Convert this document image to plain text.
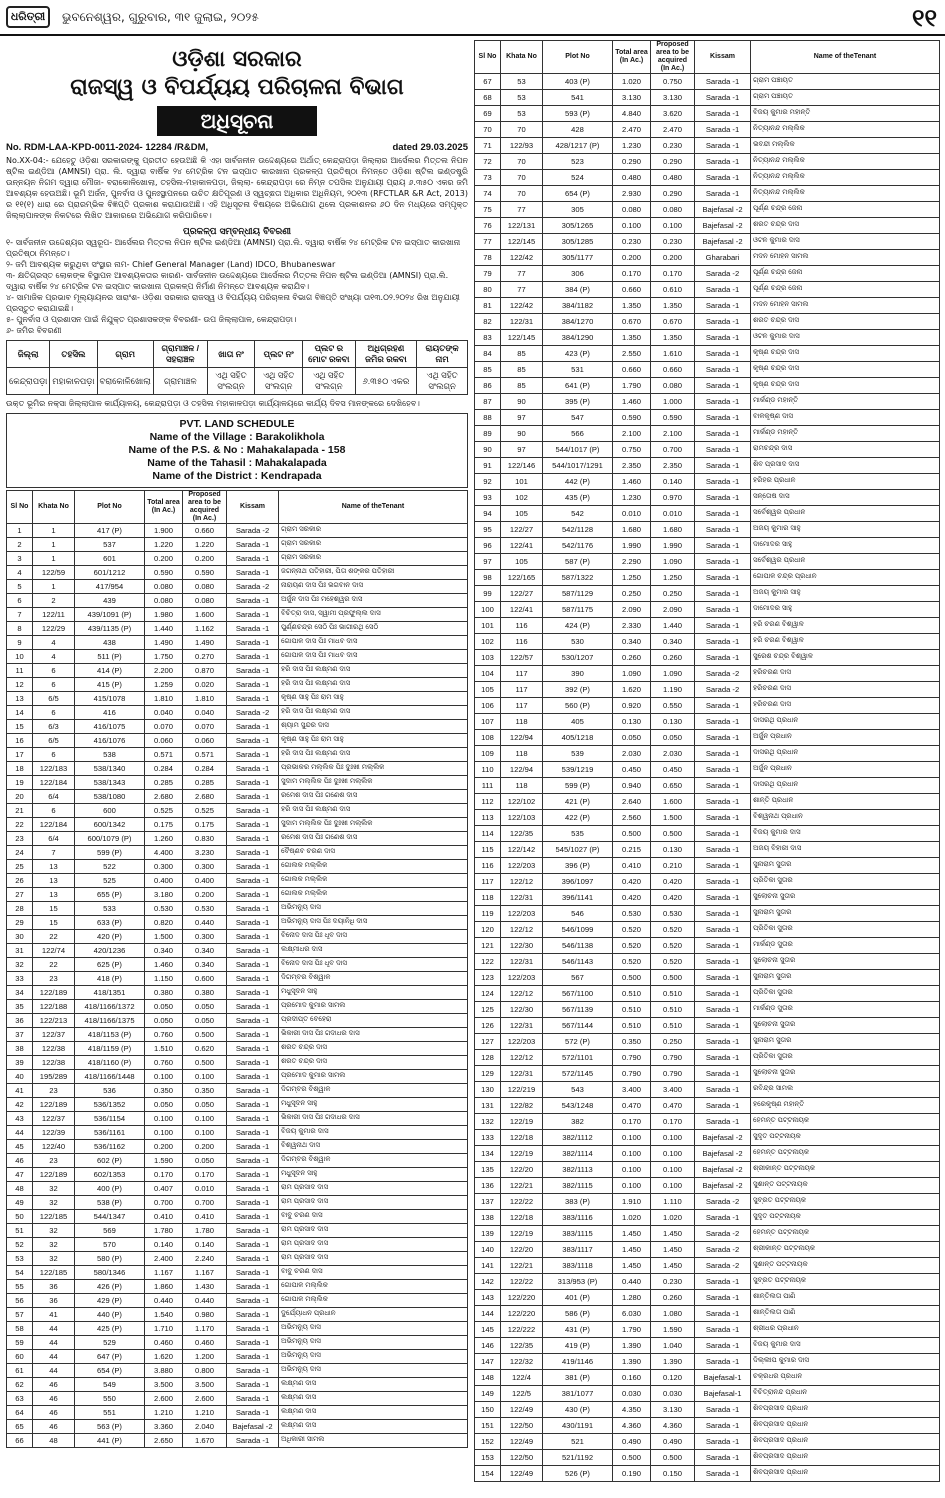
ଧରିତ୍ରୀ	ଭୁବନେଶ୍ୱର, ଗୁରୁବାର, ୩୧ ଜୁଲାଇ, ୨୦୨୫	୧୧
ଓଡ଼ିଶା ସରକାର
ରାଜସ୍ୱ ଓ ବିପର୍ଯ୍ୟୟ ପରିଚାଳନା ବିଭାଗ
ଅଧିସୂଚନା
No. RDM-LAA-KPD-0011-2024- 12284 /R&DM,	dated 29.03.2025
No.XX-04:- ଯେହେତୁ ଓଡ଼ିଶା ସରକାରଙ୍କୁ ପ୍ରତୀତ ହେଉଅଛି କି ଏହା ସାର୍ବଜନୀନ ଉଦ୍ଦେଶ୍ୟରେ ଅର୍ଥାତ୍ କେନ୍ଦ୍ରାପଡ଼ା ଜିଲ୍ଲାର ଆର୍ସେଲର ମିତ୍ତଲ ନିପନ ଷ୍ଟିଲ ଇଣ୍ଡିଆ (AMNSI) ପ୍ରା. ଲି. ଦ୍ୱାରା ବାର୍ଷିକ ୨୪ ମେଟ୍ରିକ ଟନ ଇସ୍ପାତ କାରଖାନା ପ୍ରକଳ୍ପ ପ୍ରତିଷ୍ଠା ନିମନ୍ତେ ଓଡ଼ିଶା ଷ୍ଟିଲ ଇଣ୍ଡଷ୍ଟ୍ରି ଉନ୍ନୟନ ନିଗମ ଦ୍ୱାରା ମୌଜା- ବରାକୋଳିଖୋଲା, ତହସିଲ-ମହାକାଳପଡ଼ା, ଜିଲ୍ଲା- କେନ୍ଦ୍ରାପଡ଼ା ରେ ନିମ୍ନ ତପସିଲ ଅନୁଯାୟୀ ପ୍ରାୟ ୬.୩୫୦ ଏକର ଜମି ଆବଶ୍ୟକ ହେଉଅଛି। ଭୂମି ଅର୍ଜନ, ପୁନର୍ବାସ ଓ ପୁନଃସ୍ଥାପନରେ ଉଚିତ କ୍ଷତିପୂରଣ ଓ ସ୍ୱଚ୍ଛତା ଅଧିକାର ଅଧିନିୟମ, ୨୦୧୩ (RFCTLAR &R Act, 2013) ର ୧୧(୧) ଧାରା ରେ ପ୍ରାରମ୍ଭିକ ବିଜ୍ଞପ୍ତି ପ୍ରକାଶ କରାଯାଉଅଛି। ଏହି ଅଧିସୂଚନା ବିଷୟରେ ଅଭିଯୋଗ ଥିଲେ ପ୍ରକାଶନର ୬୦ ଦିନ ମଧ୍ୟରେ ସମ୍ପୃକ୍ତ ଜିଲ୍ଲାପାଳଙ୍କ ନିକଟରେ ଲିଖିତ ଆକାରରେ ଅଭିଯୋଗ କରିପାରିବେ।
ପ୍ରକଳ୍ପ ସମ୍ବନ୍ଧୀୟ ବିବରଣୀ
୧- ସାର୍ବଜନୀନ ଉଦ୍ଦେଶ୍ୟର ସ୍ୱରୂପ- ଆର୍ସେଲର ମିତ୍ତଲ ନିପନ ଷ୍ଟିଲ ଇଣ୍ଡିଆ (AMNSI) ପ୍ରା.ଲି. ଦ୍ୱାରା ବାର୍ଷିକ ୨୪ ମେଟ୍ରିକ ଟନ ଇସ୍ପାତ କାରଖାନା ପ୍ରତିଷ୍ଠା ନିମନ୍ତେ।
୨- ଜମି ଆବଶ୍ୟକ କରୁଥିବା ସଂସ୍ଥାର ନାମ- Chief General Manager (Land) IDCO, Bhubaneswar
୩- କ୍ଷତିଗ୍ରସ୍ତ ଲୋକଙ୍କ ବିସ୍ଥାପନ ଆବଶ୍ୟକତାର କାରଣ- ସାର୍ବଜନୀନ ଉଦ୍ଦେଶ୍ୟରେ ଆର୍ସେଲର ମିତ୍ତଲ ନିପନ ଷ୍ଟିଲ ଇଣ୍ଡିଆ (AMNSI) ପ୍ରା.ଲି. ଦ୍ୱାରା ବାର୍ଷିକ ୨୪ ମେଟ୍ରିକ ଟନ ଇସ୍ପାତ କାରଖାନା ପ୍ରକଳ୍ପ ନିର୍ମାଣ ନିମନ୍ତେ ଆବଶ୍ୟକ କରାଯିବ।
୪- ସାମାଜିକ ପ୍ରଭାବ ମୂଲ୍ୟାୟନର ସାରାଂଶ- ଓଡ଼ିଶା ସରକାର ରାଜସ୍ୱ ଓ ବିପର୍ଯ୍ୟୟ ପରିଚାଳନା ବିଭାଗ ବିଜ୍ଞପ୍ତି ସଂଖ୍ୟା ତା୧୩.୦୨.୨୦୨୪ ରିଖ ଅନୁଯାୟୀ ପ୍ରସ୍ତୁତ କରାଯାଇଛି।
୫- ପୁନର୍ବାସ ଓ ପ୍ରଶାସନ ପାଇଁ ନିଯୁକ୍ତ ପ୍ରଶାସକଙ୍କ ବିବରଣୀ- ଉପ ଜିଲ୍ଲାପାଳ, କେନ୍ଦ୍ରାପଡ଼ା।
୬- ଜମିର ବିବରଣୀ
ଜିଲ୍ଲା	ତହସିଲ	ଗ୍ରାମ	ଗ୍ରାମାଞ୍ଚଳ / ସହରାଞ୍ଚଳ	ଖାତା ନଂ	ପ୍ଲଟ ନଂ	ପ୍ଲଟ ର ମୋଟ ରକବା	ଅଧିଗ୍ରହଣ ଜମିର ରକବା	ରାୟତଙ୍କ ନାମ
କେନ୍ଦ୍ରାପଡ଼ା	ମହାକାଳପଡ଼ା	ବରାକୋଳିଖୋଲା	ଗ୍ରାମାଞ୍ଚଳ	ଏଥି ସହିତ ସଂଲଗ୍ନ	ଏଥି ସହିତ ସଂଲଗ୍ନ	ଏଥି ସହିତ ସଂଲଗ୍ନ	୬.୩୫୦ ଏକର	ଏଥି ସହିତ ସଂଲଗ୍ନ
ଉକ୍ତ ଭୂମିର ନକ୍ସା ଜିଲ୍ଲାପାଳ କାର୍ଯ୍ୟାଳୟ, କେନ୍ଦ୍ରାପଡ଼ା ଓ ତହସିଲ ମହାକାଳପଡ଼ା କାର୍ଯ୍ୟାଳୟରେ କାର୍ଯ୍ୟ ଦିବସ ମାନଙ୍କରେ ଦେଖିହେବ।
PVT. LAND SCHEDULE
Name of the Village : Barakolikhola
Name of the P.S. & No : Mahakalapada - 158
Name of the Tahasil : Mahakalapada
Name of the District : Kendrapada
Sl No	Khata No	Plot No	Total area (In Ac.)	Proposed area to be acquired (In Ac.)	Kissam	Name of theTenant
1	1	417 (P)	1.900	0.660	Sarada -2	ଗ୍ରାମ ସରକାର
2	1	537	1.220	1.220	Sarada -1	ଗ୍ରାମ ସରକାର
3	1	601	0.200	0.200	Sarada -1	ଗ୍ରାମ ସରକାର
4	122/59	601/1212	0.590	0.590	Sarada -1	ଜଗନ୍ନାଥ ପତିହାରୀ, ପିତା ଶଙ୍କର ପତିହାରୀ
5	1	417/954	0.080	0.080	Sarada -2	ନାରାୟଣ ଦାସ ପିଃ ଭଗବାନ ଦାସ
6	2	439	0.080	0.080	Sarada -1	ଅର୍ଜୁନ ଦାସ ପିଃ ମହେଶ୍ୱର ଦାସ
7	122/11	439/1091 (P)	1.980	1.600	Sarada -1	ବିଚିତ୍ରା ଦାସ, ସ୍ୱାମୀ ପ୍ରଫୁଲ୍ଲ ଦାସ
8	122/29	439/1135 (P)	1.440	1.162	Sarada -1	ପୁର୍ଣ୍ଣଚନ୍ଦ୍ର ସେଠି ପିଃ ଭାଗୀରଥି ସେଠି
9	4	438	1.490	1.490	Sarada -1	ଗୋପାଳ ଦାସ ପିଃ ମାଧବ ଦାସ
10	4	511 (P)	1.750	0.270	Sarada -1	ଗୋପାଳ ଦାସ ପିଃ ମାଧବ ଦାସ
11	6	414 (P)	2.200	0.870	Sarada -1	ହରି ଦାସ ପିଃ ଲକ୍ଷ୍ମଣ ଦାସ
12	6	415 (P)	1.259	0.020	Sarada -1	ହରି ଦାସ ପିଃ ଲକ୍ଷ୍ମଣ ଦାସ
13	6/5	415/1078	1.810	1.810	Sarada -1	କୃଷ୍ଣ ସାହୁ ପିଃ ରାମ ସାହୁ
14	6	416	0.040	0.040	Sarada -2	ହରି ଦାସ ପିଃ ଲକ୍ଷ୍ମଣ ଦାସ
15	6/3	416/1075	0.070	0.070	Sarada -1	ଶ୍ୟାମ ସୁନ୍ଦର ଦାସ
16	6/5	416/1076	0.060	0.060	Sarada -1	କୃଷ୍ଣ ସାହୁ ପିଃ ରାମ ସାହୁ
17	6	538	0.571	0.571	Sarada -1	ହରି ଦାସ ପିଃ ଲକ୍ଷ୍ମଣ ଦାସ
18	122/183	538/1340	0.284	0.284	Sarada -1	ପ୍ରଭାକର ମଲ୍ଲିକ ପିଃ ଦୁଃଖୀ ମଲ୍ଲିକ
19	122/184	538/1343	0.285	0.285	Sarada -1	ସୁଦାମ ମଲ୍ଲିକ ପିଃ ଦୁଃଖୀ ମଲ୍ଲିକ
20	6/4	538/1080	2.680	2.680	Sarada -1	ରମେଶ ଦାସ ପିଃ ଗଣେଶ ଦାସ
21	6	600	0.525	0.525	Sarada -1	ହରି ଦାସ ପିଃ ଲକ୍ଷ୍ମଣ ଦାସ
22	122/184	600/1342	0.175	0.175	Sarada -1	ସୁଦାମ ମଲ୍ଲିକ ପିଃ ଦୁଃଖୀ ମଲ୍ଲିକ
23	6/4	600/1079 (P)	1.260	0.830	Sarada -1	ରମେଶ ଦାସ ପିଃ ଗଣେଶ ଦାସ
24	7	599 (P)	4.400	3.230	Sarada -1	ବୈଷ୍ଣବ ଚରଣ ଦାସ
25	13	522	0.300	0.300	Sarada -1	ଗୋଲକ ମଲ୍ଲିକ
26	13	525	0.400	0.400	Sarada -1	ଗୋଲକ ମଲ୍ଲିକ
27	13	655 (P)	3.180	0.200	Sarada -1	ଗୋଲକ ମଲ୍ଲିକ
28	15	533	0.530	0.530	Sarada -1	ଅଭିମନ୍ୟୁ ଦାସ
29	15	633 (P)	0.820	0.440	Sarada -1	ଅଭିମନ୍ୟୁ ଦାସ ପିଃ ଦୟାନିଧି ଦାସ
30	22	420 (P)	1.500	0.300	Sarada -1	ବିନୋଦ ଦାସ ପିଃ ଧୃବ ଦାସ
31	122/74	420/1236	0.340	0.340	Sarada -1	ଲକ୍ଷ୍ମୀଧର ଦାସ
32	22	625 (P)	1.460	0.340	Sarada -1	ବିନୋଦ ଦାସ ପିଃ ଧୃବ ଦାସ
33	23	418 (P)	1.150	0.600	Sarada -1	ଦିଗମ୍ବର ବିଶ୍ୱାଳ
34	122/189	418/1351	0.380	0.380	Sarada -1	ମଧୁସୂଦନ ସାହୁ
35	122/188	418/1166/1372	0.050	0.050	Sarada -1	ପ୍ରମୋଦ କୁମାର ସାମଲ
36	122/213	418/1166/1375	0.050	0.050	Sarada -1	ପ୍ରଦୀପ୍ତ ବେହେରା
37	122/37	418/1153 (P)	0.760	0.500	Sarada -1	ଭିକାରୀ ଦାସ ପିଃ ଗଦାଧର ଦାସ
38	122/38	418/1159 (P)	1.510	0.620	Sarada -1	ଶରତ ଚନ୍ଦ୍ର ଦାସ
39	122/38	418/1160 (P)	0.760	0.500	Sarada -1	ଶରତ ଚନ୍ଦ୍ର ଦାସ
40	195/289	418/1166/1448	0.100	0.100	Sarada -1	ପ୍ରମୋଦ କୁମାର ସାମଲ
41	23	536	0.350	0.350	Sarada -1	ଦିଗମ୍ବର ବିଶ୍ୱାଳ
42	122/189	536/1352	0.050	0.050	Sarada -1	ମଧୁସୂଦନ ସାହୁ
43	122/37	536/1154	0.100	0.100	Sarada -1	ଭିକାରୀ ଦାସ ପିଃ ଗଦାଧର ଦାସ
44	122/39	536/1161	0.100	0.100	Sarada -1	ବିଜୟ କୁମାର ଦାସ
45	122/40	536/1162	0.200	0.200	Sarada -1	ବିଶ୍ୱନାଥ ଦାସ
46	23	602 (P)	1.590	0.050	Sarada -1	ଦିଗମ୍ବର ବିଶ୍ୱାଳ
47	122/189	602/1353	0.170	0.170	Sarada -1	ମଧୁସୂଦନ ସାହୁ
48	32	400 (P)	0.407	0.010	Sarada -1	ରାମ ପ୍ରସାଦ ଦାସ
49	32	538 (P)	0.700	0.700	Sarada -1	ରାମ ପ୍ରସାଦ ଦାସ
50	122/185	544/1347	0.410	0.410	Sarada -1	ବାବୁ ଚରଣ ଦାସ
51	32	569	1.780	1.780	Sarada -1	ରାମ ପ୍ରସାଦ ଦାସ
52	32	570	0.140	0.140	Sarada -1	ରାମ ପ୍ରସାଦ ଦାସ
53	32	580 (P)	2.400	2.240	Sarada -1	ରାମ ପ୍ରସାଦ ଦାସ
54	122/185	580/1346	1.167	1.167	Sarada -1	ବାବୁ ଚରଣ ଦାସ
55	36	426 (P)	1.860	1.430	Sarada -1	ଗୋପାଳ ମଲ୍ଲିକ
56	36	429 (P)	0.440	0.440	Sarada -1	ଗୋପାଳ ମଲ୍ଲିକ
57	41	440 (P)	1.540	0.980	Sarada -1	ଦୁର୍ଯ୍ୟୋଧନ ପ୍ରଧାନ
58	44	425 (P)	1.710	1.170	Sarada -1	ଅଭିମନ୍ୟୁ ଦାସ
59	44	529	0.460	0.460	Sarada -1	ଅଭିମନ୍ୟୁ ଦାସ
60	44	647 (P)	1.620	1.200	Sarada -1	ଅଭିମନ୍ୟୁ ଦାସ
61	44	654 (P)	3.880	0.800	Sarada -1	ଅଭିମନ୍ୟୁ ଦାସ
62	46	549	3.500	3.500	Sarada -1	ଲକ୍ଷ୍ମଣ ଦାସ
63	46	550	2.600	2.600	Sarada -1	ଲକ୍ଷ୍ମଣ ଦାସ
64	46	551	1.210	1.210	Sarada -1	ଲକ୍ଷ୍ମଣ ଦାସ
65	46	563 (P)	3.360	2.040	Bajefasal -2	ଲକ୍ଷ୍ମଣ ଦାସ
66	48	441 (P)	2.650	1.670	Sarada -1	ଅଧିକାରୀ ସାମଲ
Sl No	Khata No	Plot No	Total area (In Ac.)	Proposed area to be acquired (In Ac.)	Kissam	Name of theTenant
67	53	403 (P)	1.020	0.750	Sarada -1	ଗ୍ରାମ ପଞ୍ଚାୟତ
68	53	541	3.130	3.130	Sarada -1	ଗ୍ରାମ ପଞ୍ଚାୟତ
69	53	593 (P)	4.840	3.620	Sarada -1	ବିଜୟ କୁମାର ମହାନ୍ତି
70	70	428	2.470	2.470	Sarada -1	ନିତ୍ୟାନନ୍ଦ ମଲ୍ଲିକ
71	122/93	428/1217 (P)	1.230	0.230	Sarada -1	ଭବନ୍ଦୀ ମଲ୍ଲିକ
72	70	523	0.290	0.290	Sarada -1	ନିତ୍ୟାନନ୍ଦ ମଲ୍ଲିକ
73	70	524	0.480	0.480	Sarada -1	ନିତ୍ୟାନନ୍ଦ ମଲ୍ଲିକ
74	70	654 (P)	2.930	0.290	Sarada -1	ନିତ୍ୟାନନ୍ଦ ମଲ୍ଲିକ
75	77	305	0.080	0.080	Bajefasal -2	ପୂର୍ଣ୍ଣ ଚନ୍ଦ୍ର ଜେନା
76	122/131	305/1265	0.100	0.100	Bajefasal -2	ଶରତ ଚନ୍ଦ୍ର ଦାସ
77	122/145	305/1285	0.230	0.230	Bajefasal -2	ଓଟନ କୁମାର ଦାସ
78	122/42	305/1177	0.200	0.200	Gharabari	ମଦନ ମୋହନ ସାମଲ
79	77	306	0.170	0.170	Sarada -2	ପୂର୍ଣ୍ଣ ଚନ୍ଦ୍ର ଜେନା
80	77	384 (P)	0.660	0.610	Sarada -1	ପୂର୍ଣ୍ଣ ଚନ୍ଦ୍ର ଜେନା
81	122/42	384/1182	1.350	1.350	Sarada -1	ମଦନ ମୋହନ ସାମଲ
82	122/31	384/1270	0.670	0.670	Sarada -1	ଶରତ ଚନ୍ଦ୍ର ଦାସ
83	122/145	384/1290	1.350	1.350	Sarada -1	ଓଟନ କୁମାର ଦାସ
84	85	423 (P)	2.550	1.610	Sarada -1	କୃଷ୍ଣ ଚନ୍ଦ୍ର ଦାସ
85	85	531	0.660	0.660	Sarada -1	କୃଷ୍ଣ ଚନ୍ଦ୍ର ଦାସ
86	85	641 (P)	1.790	0.080	Sarada -1	କୃଷ୍ଣ ଚନ୍ଦ୍ର ଦାସ
87	90	395 (P)	1.460	1.000	Sarada -1	ମାର୍କଣ୍ଡ ମହାନ୍ତି
88	97	547	0.590	0.590	Sarada -1	ବାଳକୃଷ୍ଣ ଦାସ
89	90	566	2.100	2.100	Sarada -1	ମାର୍କଣ୍ଡ ମହାନ୍ତି
90	97	544/1017 (P)	0.750	0.700	Sarada -1	ରାମଚନ୍ଦ୍ର ଦାସ
91	122/146	544/1017/1291	2.350	2.350	Sarada -1	ଶିବ ପ୍ରସାଦ ଦାସ
92	101	442 (P)	1.460	0.140	Sarada -1	ହରିହର ପ୍ରଧାନ
93	102	435 (P)	1.230	0.970	Sarada -1	ସନ୍ତୋଷ ଦାସ
94	105	542	0.010	0.010	Sarada -1	ସର୍ବେଶ୍ୱର ପ୍ରଧାନ
95	122/27	542/1128	1.680	1.680	Sarada -1	ଅଜୟ କୁମାର ସାହୁ
96	122/41	542/1176	1.990	1.990	Sarada -1	ଦାମୋଦର ସାହୁ
97	105	587 (P)	2.290	1.090	Sarada -1	ସର୍ବେଶ୍ୱର ପ୍ରଧାନ
98	122/165	587/1322	1.250	1.250	Sarada -1	ଗୋପାଳ ଚନ୍ଦ୍ର ପ୍ରଧାନ
99	122/27	587/1129	0.250	0.250	Sarada -1	ଅଜୟ କୁମାର ସାହୁ
100	122/41	587/1175	2.090	2.090	Sarada -1	ଦାମୋଦର ସାହୁ
101	116	424 (P)	2.330	1.440	Sarada -1	ହରି ଚରଣ ବିଶ୍ୱାଳ
102	116	530	0.340	0.340	Sarada -1	ହରି ଚରଣ ବିଶ୍ୱାଳ
103	122/57	530/1207	0.260	0.260	Sarada -1	ସୁରେଶ ଚନ୍ଦ୍ର ବିଶ୍ୱାଳ
104	117	390	1.090	1.090	Sarada -2	ହରିଚରଣ ଦାସ
105	117	392 (P)	1.620	1.190	Sarada -2	ହରିଚରଣ ଦାସ
106	117	560 (P)	0.920	0.550	Sarada -1	ହରିଚରଣ ଦାସ
107	118	405	0.130	0.130	Sarada -1	ଦାସରଥି ପ୍ରଧାନ
108	122/94	405/1218	0.050	0.050	Sarada -1	ଅର୍ଜୁନ ପ୍ରଧାନ
109	118	539	2.030	2.030	Sarada -1	ଦାସରଥି ପ୍ରଧାନ
110	122/94	539/1219	0.450	0.450	Sarada -1	ଅର୍ଜୁନ ପ୍ରଧାନ
111	118	599 (P)	0.940	0.650	Sarada -1	ଦାସରଥି ପ୍ରଧାନ
112	122/102	421 (P)	2.640	1.600	Sarada -1	ଶାନ୍ତି ପ୍ରଧାନ
113	122/103	422 (P)	2.560	1.500	Sarada -1	ବିଶ୍ୱନାଥ ପ୍ରଧାନ
114	122/35	535	0.500	0.500	Sarada -1	ବିଜୟ କୁମାର ଦାସ
115	122/142	545/1027 (P)	0.215	0.130	Sarada -1	ଅଜୟ ବିହାରୀ ଦାସ
116	122/203	396 (P)	0.410	0.210	Sarada -1	ସୁନାରାମ ସୁତାର
117	122/12	396/1097	0.420	0.420	Sarada -1	ପ୍ରିତିକା ସୁତାର
118	122/31	396/1141	0.420	0.420	Sarada -1	ସୁଲୋଚନା ସୁତାର
119	122/203	546	0.530	0.530	Sarada -1	ସୁନାରାମ ସୁତାର
120	122/12	546/1099	0.520	0.520	Sarada -1	ପ୍ରିତିକା ସୁତାର
121	122/30	546/1138	0.520	0.520	Sarada -1	ମାର୍କଣ୍ଡ ସୁତାର
122	122/31	546/1143	0.520	0.520	Sarada -1	ସୁଲୋଚନା ସୁତାର
123	122/203	567	0.500	0.500	Sarada -1	ସୁନାରାମ ସୁତାର
124	122/12	567/1100	0.510	0.510	Sarada -1	ପ୍ରିତିକା ସୁତାର
125	122/30	567/1139	0.510	0.510	Sarada -1	ମାର୍କଣ୍ଡ ସୁତାର
126	122/31	567/1144	0.510	0.510	Sarada -1	ସୁଲୋଚନା ସୁତାର
127	122/203	572 (P)	0.350	0.250	Sarada -1	ସୁନାରାମ ସୁତାର
128	122/12	572/1101	0.790	0.790	Sarada -1	ପ୍ରିତିକା ସୁତାର
129	122/31	572/1145	0.790	0.790	Sarada -1	ସୁଲୋଚନା ସୁତାର
130	122/219	543	3.400	3.400	Sarada -1	ରବିନ୍ଦ୍ର ସାମଲ
131	122/82	543/1248	0.470	0.470	Sarada -1	ହରେକୃଷ୍ଣ ମହାନ୍ତି
132	122/19	382	0.170	0.170	Sarada -1	ହେମନ୍ତ ପଟ୍ଟନାୟକ
133	122/18	382/1112	0.100	0.100	Bajefasal -2	ସୁଦୃତ ପଟ୍ଟନାୟକ
134	122/19	382/1114	0.100	0.100	Bajefasal -2	ହେମନ୍ତ ପଟ୍ଟନାୟକ
135	122/20	382/1113	0.100	0.100	Bajefasal -2	ଶ୍ରୀକାନ୍ତ ପଟ୍ଟନାୟକ
136	122/21	382/1115	0.100	0.100	Bajefasal -2	ସୁଶାନ୍ତ ପଟ୍ଟନାୟକ
137	122/22	383 (P)	1.910	1.110	Sarada -2	ସୁବ୍ରତ ପଟ୍ଟନାୟକ
138	122/18	383/1116	1.020	1.020	Sarada -1	ସୁଦୃତ ପଟ୍ଟନାୟକ
139	122/19	383/1115	1.450	1.450	Sarada -2	ହେମନ୍ତ ପଟ୍ଟନାୟକ
140	122/20	383/1117	1.450	1.450	Sarada -2	ଶ୍ରୀକାନ୍ତ ପଟ୍ଟନାୟକ
141	122/21	383/1118	1.450	1.450	Sarada -2	ସୁଶାନ୍ତ ପଟ୍ଟନାୟକ
142	122/22	313/953 (P)	0.440	0.230	Sarada -1	ସୁବ୍ରତ ପଟ୍ଟନାୟକ
143	122/220	401 (P)	1.280	0.260	Sarada -1	ଶାନ୍ତିଲତା ପାଣି
144	122/220	586 (P)	6.030	1.080	Sarada -1	ଶାନ୍ତିଲତା ପାଣି
145	122/222	431 (P)	1.790	1.590	Sarada -1	ଶ୍ରୀଧର ପ୍ରଧାନ
146	122/35	419 (P)	1.390	1.040	Sarada -1	ବିଜୟ କୁମାର ଦାସ
147	122/32	419/1146	1.390	1.390	Sarada -1	ଦିଲ୍ଲୀପ କୁମାର ଦାସ
148	122/4	381 (P)	0.160	0.120	Bajefasal-1	ଚକ୍ରଧର ପ୍ରଧାନ
149	122/5	381/1077	0.030	0.030	Bajefasal-1	ବିଚିତ୍ରାନନ୍ଦ ପ୍ରଧାନ
150	122/49	430 (P)	4.350	3.130	Sarada -1	ଶିବପ୍ରସାଦ ପ୍ରଧାନ
151	122/50	430/1191	4.360	4.360	Sarada -1	ଶିବପ୍ରସାଦ ପ୍ରଧାନ
152	122/49	521	0.490	0.490	Sarada -1	ଶିବପ୍ରସାଦ ପ୍ରଧାନ
153	122/50	521/1192	0.500	0.500	Sarada -1	ଶିବପ୍ରସାଦ ପ୍ରଧାନ
154	122/49	526 (P)	0.190	0.150	Sarada -1	ଶିବପ୍ରସାଦ ପ୍ରଧାନ
